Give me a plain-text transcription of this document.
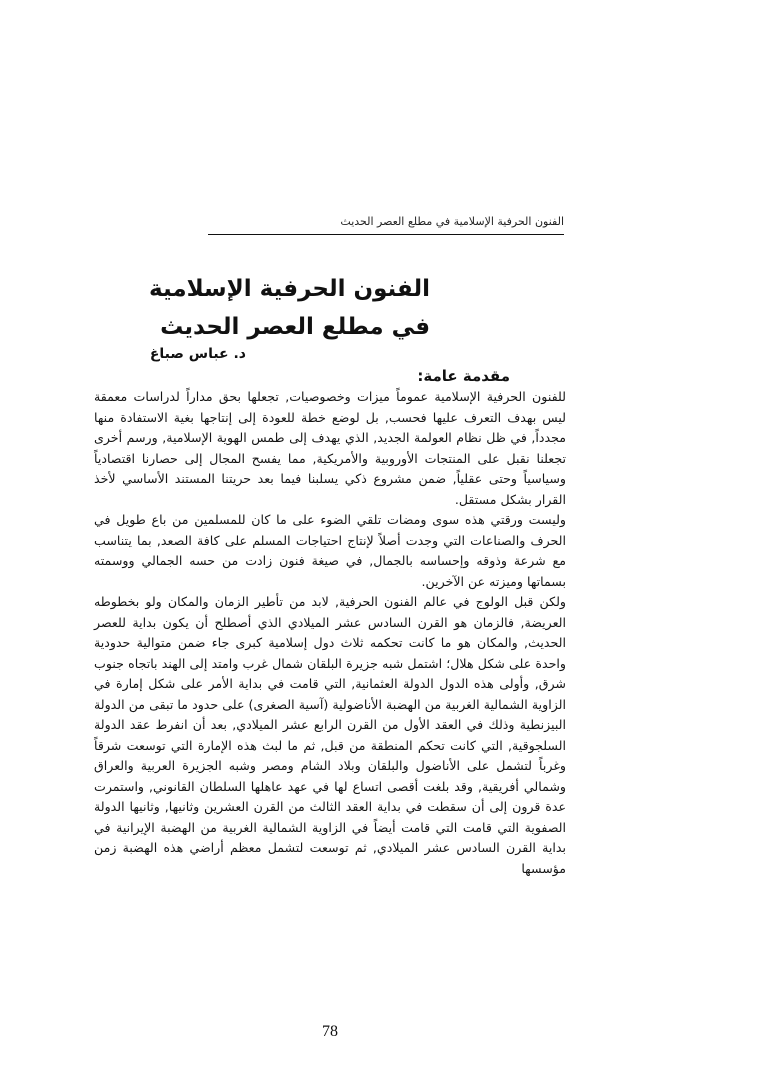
الفنون الحرفية الإسلامية في مطلع العصر الحديث
الفنون الحرفية الإسلامية
في مطلع العصر الحديث
د. عباس صباغ
مقدمة عامة:

للفنون الحرفية الإسلامية عموماً ميزات وخصوصيات, تجعلها بحق مداراً لدراسات معمقة ليس بهدف التعرف عليها فحسب, بل لوضع خطة للعودة إلى إنتاجها بغية الاستفادة منها مجدداً, في ظل نظام العولمة الجديد, الذي يهدف إلى طمس الهوية الإسلامية, ورسم أخرى تجعلنا نقبل على المنتجات الأوروبية والأمريكية, مما يفسح المجال إلى حصارنا اقتصادياً وسياسياً وحتى عقلياً, ضمن مشروع ذكي يسلبنا فيما بعد حريتنا المستند الأساسي لأخذ القرار بشكل مستقل.

وليست ورقتي هذه سوى ومضات تلقي الضوء على ما كان للمسلمين من باع طويل في الحرف والصناعات التي وجدت أصلاً لإنتاج احتياجات المسلم على كافة الصعد, بما يتناسب مع شرعة وذوقه وإحساسه بالجمال, في صيغة فنون زادت من حسه الجمالي ووسمته بسماتها وميزته عن الآخرين.

ولكن قبل الولوج في عالم الفنون الحرفية, لابد من تأطير الزمان والمكان ولو بخطوطه العريضة, فالزمان هو القرن السادس عشر الميلادي الذي أصطلح أن يكون بداية للعصر الحديث, والمكان هو ما كانت تحكمه ثلاث دول إسلامية كبرى جاء ضمن متوالية حدودية واحدة على شكل هلال؛ اشتمل شبه جزيرة البلقان شمال غرب وامتد إلى الهند باتجاه جنوب شرق, وأولى هذه الدول الدولة العثمانية, التي قامت في بداية الأمر على شكل إمارة في الزاوية الشمالية الغربية من الهضبة الأناضولية (آسية الصغرى) على حدود ما تبقى من الدولة البيزنطية وذلك في العقد الأول من القرن الرابع عشر الميلادي, بعد أن انفرط عقد الدولة السلجوقية, التي كانت تحكم المنطقة من قبل, ثم ما لبث هذه الإمارة التي توسعت شرقاً وغرباً لتشمل على الأناضول والبلقان وبلاد الشام ومصر وشبه الجزيرة العربية والعراق وشمالي أفريقية, وقد بلغت أقصى اتساع لها في عهد عاهلها السلطان القانوني, واستمرت عدة قرون إلى أن سقطت في بداية العقد الثالث من القرن العشرين وثانيها, وثانيها الدولة الصفوية التي قامت التي قامت أيضاً في الزاوية الشمالية الغربية من الهضبة الإيرانية في بداية القرن السادس عشر الميلادي, ثم توسعت لتشمل معظم أراضي هذه الهضبة زمن مؤسسها

78
